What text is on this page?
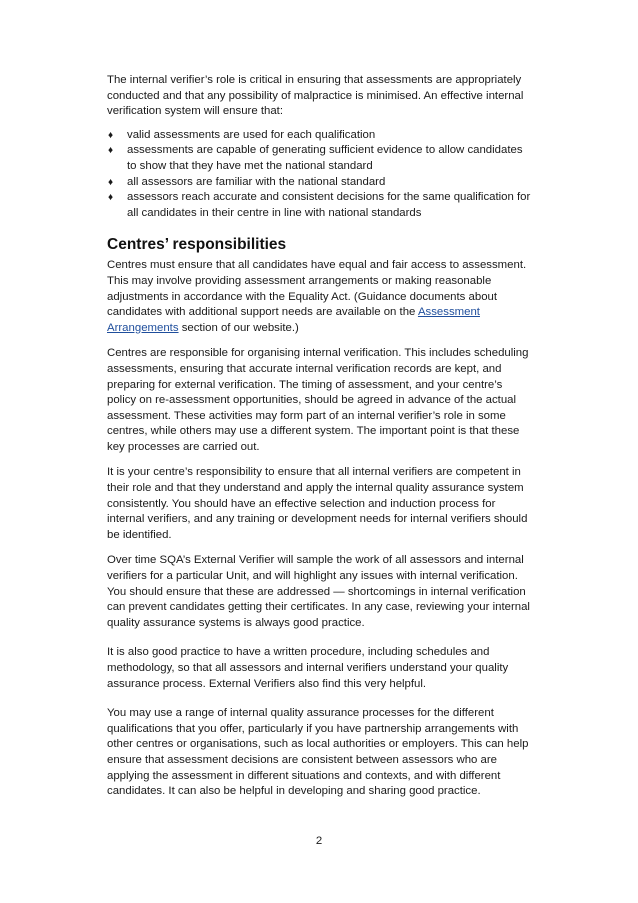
The internal verifier’s role is critical in ensuring that assessments are appropriately conducted and that any possibility of malpractice is minimised. An effective internal verification system will ensure that:

♦ valid assessments are used for each qualification
♦ assessments are capable of generating sufficient evidence to allow candidates to show that they have met the national standard
♦ all assessors are familiar with the national standard
♦ assessors reach accurate and consistent decisions for the same qualification for all candidates in their centre in line with national standards
Centres’ responsibilities

Centres must ensure that all candidates have equal and fair access to assessment. This may involve providing assessment arrangements or making reasonable adjustments in accordance with the Equality Act. (Guidance documents about candidates with additional support needs are available on the Assessment Arrangements section of our website.)

Centres are responsible for organising internal verification. This includes scheduling assessments, ensuring that accurate internal verification records are kept, and preparing for external verification. The timing of assessment, and your centre’s policy on re-assessment opportunities, should be agreed in advance of the actual assessment. These activities may form part of an internal verifier’s role in some centres, while others may use a different system. The important point is that these key processes are carried out.

It is your centre’s responsibility to ensure that all internal verifiers are competent in their role and that they understand and apply the internal quality assurance system consistently. You should have an effective selection and induction process for internal verifiers, and any training or development needs for internal verifiers should be identified.

Over time SQA’s External Verifier will sample the work of all assessors and internal verifiers for a particular Unit, and will highlight any issues with internal verification. You should ensure that these are addressed — shortcomings in internal verification can prevent candidates getting their certificates. In any case, reviewing your internal quality assurance systems is always good practice.

It is also good practice to have a written procedure, including schedules and methodology, so that all assessors and internal verifiers understand your quality assurance process. External Verifiers also find this very helpful.

You may use a range of internal quality assurance processes for the different qualifications that you offer, particularly if you have partnership arrangements with other centres or organisations, such as local authorities or employers. This can help ensure that assessment decisions are consistent between assessors who are applying the assessment in different situations and contexts, and with different candidates. It can also be helpful in developing and sharing good practice.

2
